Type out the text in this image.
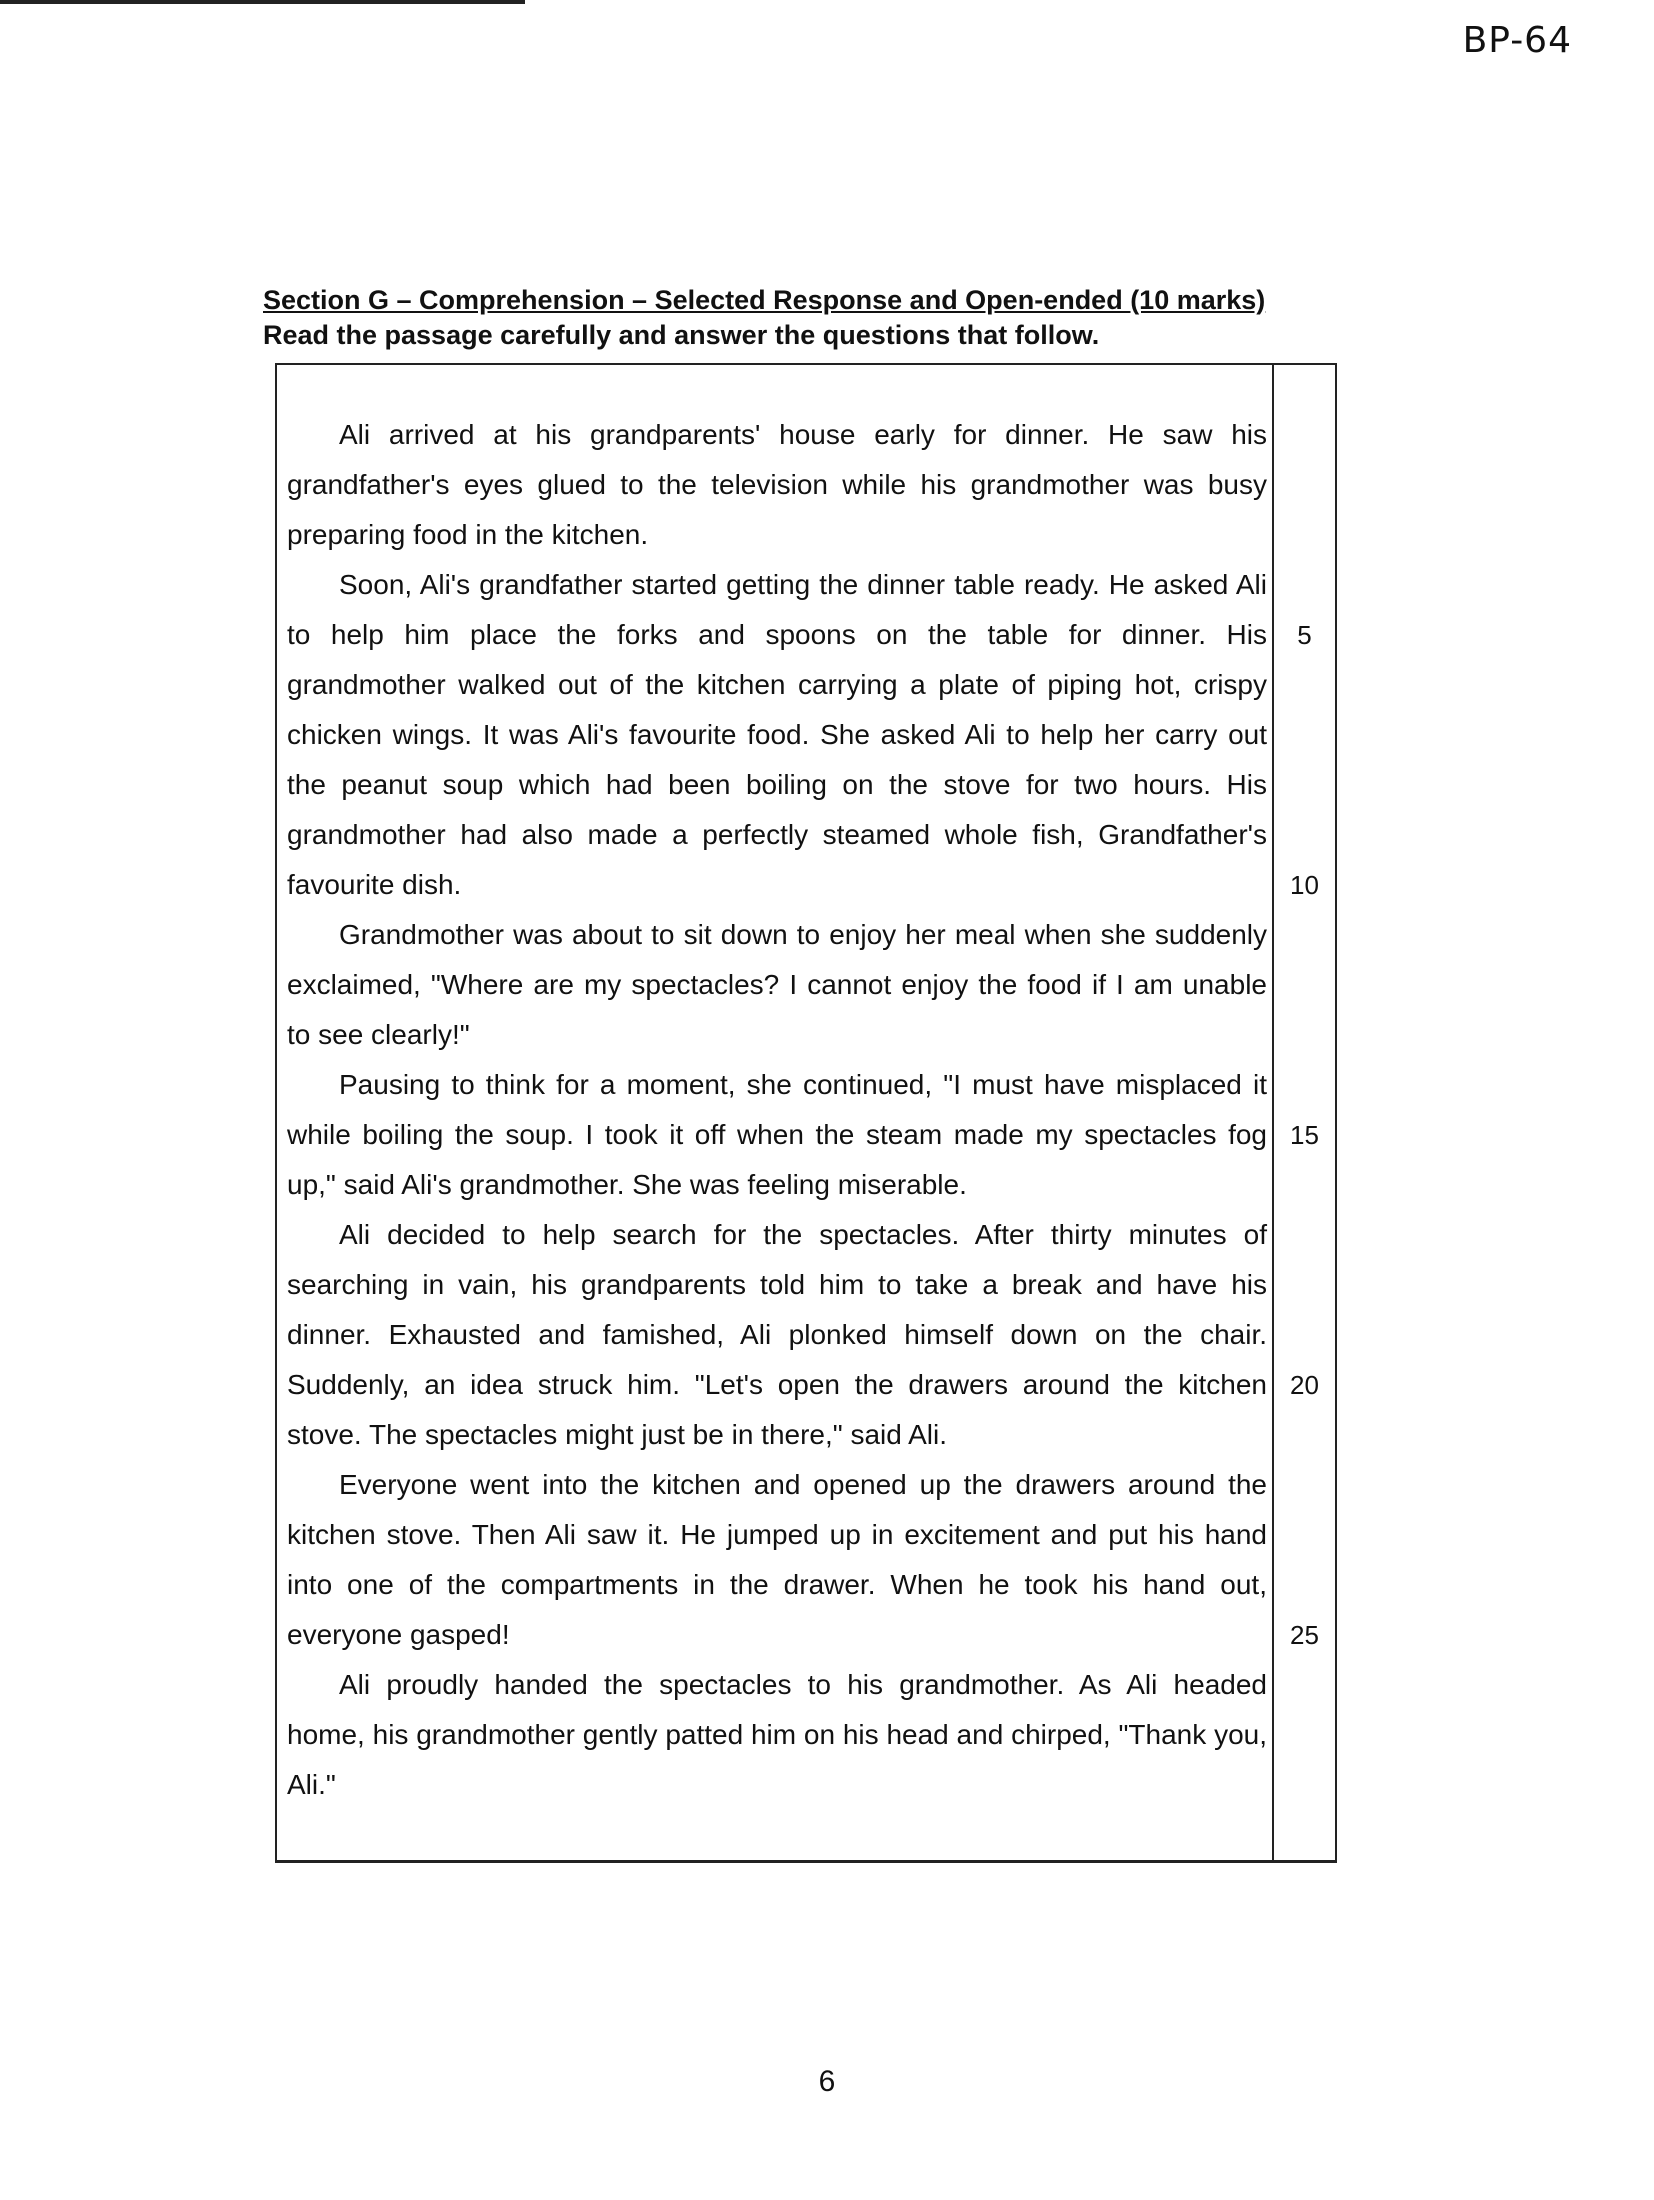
BP-64
Section G – Comprehension – Selected Response and Open-ended (10 marks)
Read the passage carefully and answer the questions that follow.

Ali arrived at his grandparents' house early for dinner. He saw his grandfather's eyes glued to the television while his grandmother was busy preparing food in the kitchen.

Soon, Ali's grandfather started getting the dinner table ready. He asked Ali to help him place the forks and spoons on the table for dinner. His grandmother walked out of the kitchen carrying a plate of piping hot, crispy chicken wings. It was Ali's favourite food. She asked Ali to help her carry out the peanut soup which had been boiling on the stove for two hours. His grandmother had also made a perfectly steamed whole fish, Grandfather's favourite dish.

Grandmother was about to sit down to enjoy her meal when she suddenly exclaimed, "Where are my spectacles? I cannot enjoy the food if I am unable to see clearly!"

Pausing to think for a moment, she continued, "I must have misplaced it while boiling the soup. I took it off when the steam made my spectacles fog up," said Ali's grandmother. She was feeling miserable.

Ali decided to help search for the spectacles. After thirty minutes of searching in vain, his grandparents told him to take a break and have his dinner. Exhausted and famished, Ali plonked himself down on the chair. Suddenly, an idea struck him. "Let's open the drawers around the kitchen stove. The spectacles might just be in there," said Ali.

Everyone went into the kitchen and opened up the drawers around the kitchen stove. Then Ali saw it. He jumped up in excitement and put his hand into one of the compartments in the drawer. When he took his hand out, everyone gasped!

Ali proudly handed the spectacles to his grandmother. As Ali headed home, his grandmother gently patted him on his head and chirped, "Thank you, Ali."

5
10
15
20
25
6
